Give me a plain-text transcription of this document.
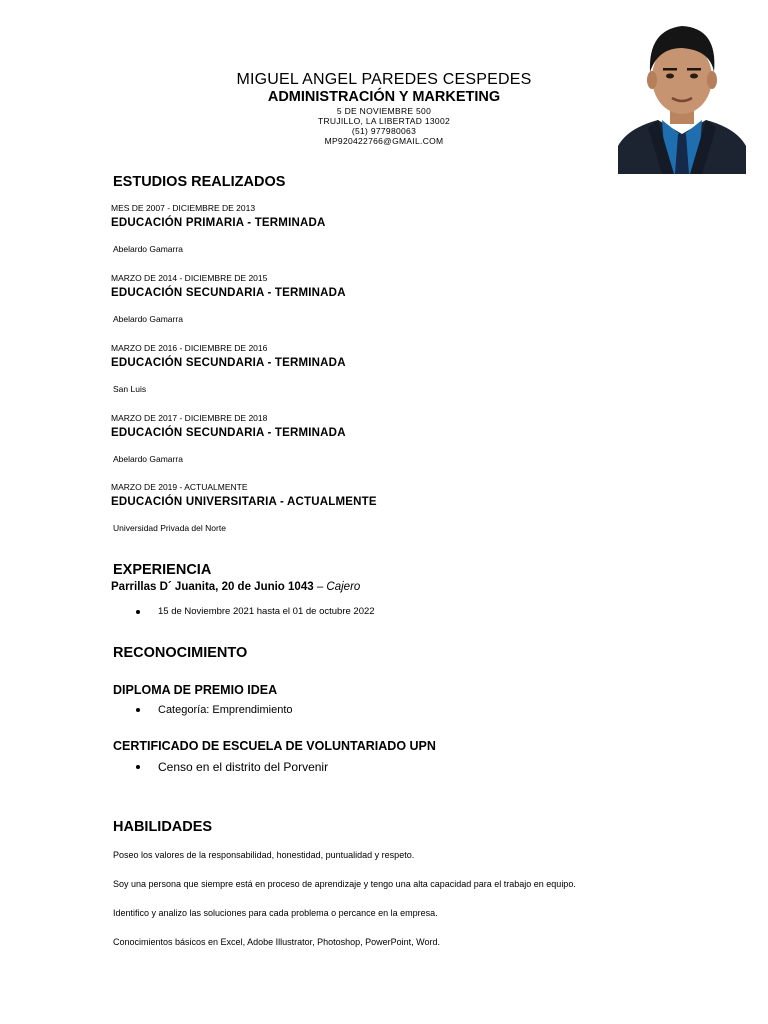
MIGUEL ANGEL PAREDES CESPEDES
ADMINISTRACIÓN Y MARKETING
5 DE NOVIEMBRE 500
TRUJILLO, LA LIBERTAD 13002
(51) 977980063
MP920422766@GMAIL.COM
ESTUDIOS REALIZADOS
MES DE 2007 - DICIEMBRE DE 2013
EDUCACIÓN PRIMARIA - TERMINADA
Abelardo Gamarra
MARZO DE 2014 - DICIEMBRE DE 2015
EDUCACIÓN SECUNDARIA - TERMINADA
Abelardo Gamarra
MARZO DE 2016 - DICIEMBRE DE 2016
EDUCACIÓN SECUNDARIA - TERMINADA
San Luis
MARZO DE 2017 - DICIEMBRE DE 2018
EDUCACIÓN SECUNDARIA - TERMINADA
Abelardo Gamarra
MARZO DE 2019 - ACTUALMENTE
EDUCACIÓN UNIVERSITARIA - ACTUALMENTE
Universidad Privada del Norte
EXPERIENCIA
Parrillas D´ Juanita, 20 de Junio 1043 – Cajero
15 de Noviembre 2021 hasta el 01 de octubre 2022
RECONOCIMIENTO
DIPLOMA DE PREMIO IDEA
Categoría: Emprendimiento
CERTIFICADO DE ESCUELA DE VOLUNTARIADO UPN
Censo en el distrito del Porvenir
HABILIDADES
Poseo los valores de la responsabilidad, honestidad, puntualidad y respeto.
Soy una persona que siempre está en proceso de aprendizaje y tengo una alta capacidad para el trabajo en equipo.
Identifico y analizo las soluciones para cada problema o percance en la empresa.
Conocimientos básicos en Excel, Adobe Illustrator, Photoshop, PowerPoint, Word.
